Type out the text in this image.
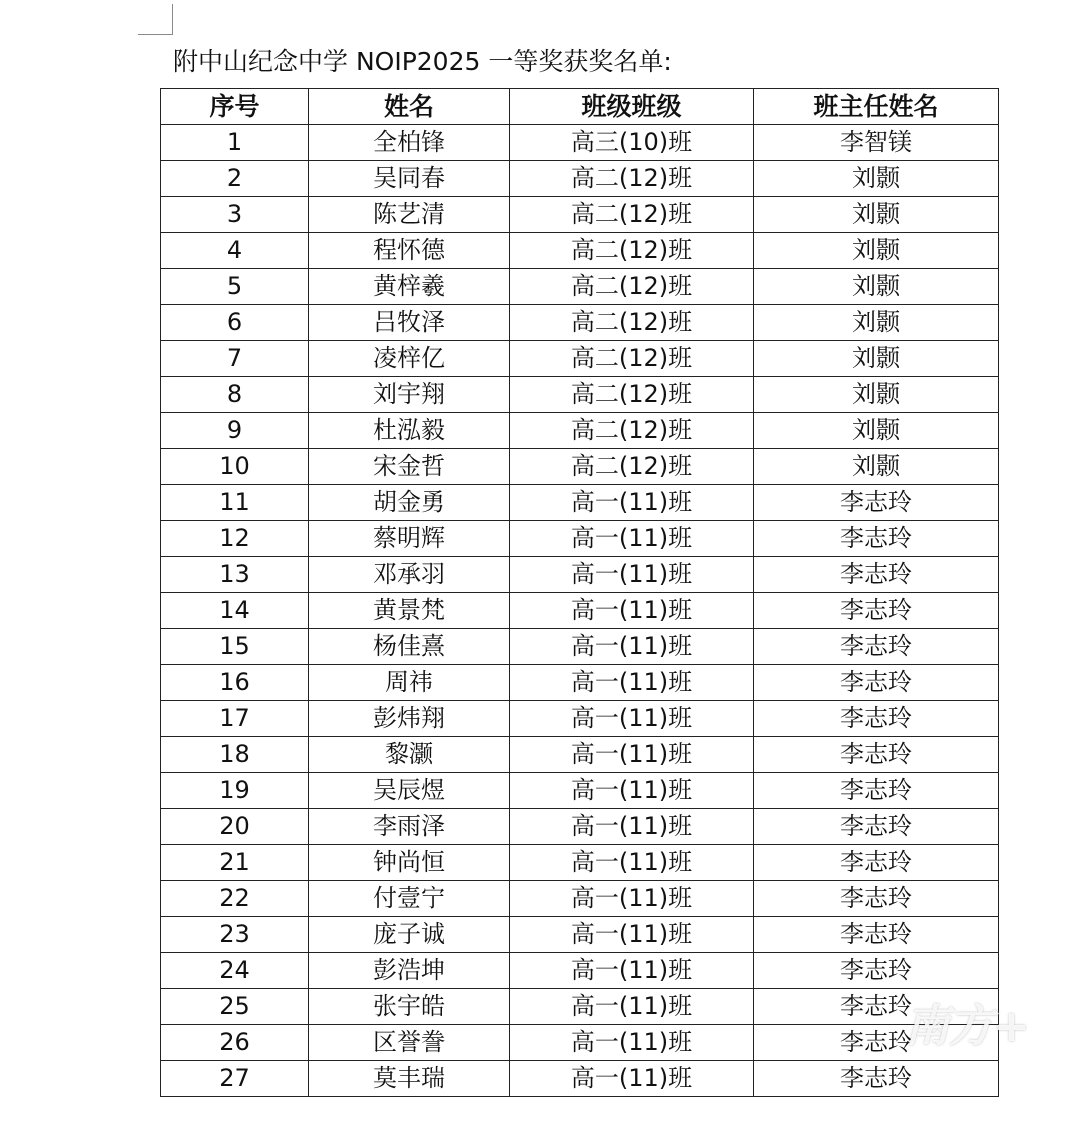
附中山纪念中学 NOIP2025 一等奖获奖名单:
序号	姓名	班级班级	班主任姓名
1	全柏锋	高三(10)班	李智镁
2	吴同春	高二(12)班	刘颢
3	陈艺清	高二(12)班	刘颢
4	程怀德	高二(12)班	刘颢
5	黄梓羲	高二(12)班	刘颢
6	吕牧泽	高二(12)班	刘颢
7	凌梓亿	高二(12)班	刘颢
8	刘宇翔	高二(12)班	刘颢
9	杜泓毅	高二(12)班	刘颢
10	宋金哲	高二(12)班	刘颢
11	胡金勇	高一(11)班	李志玲
12	蔡明辉	高一(11)班	李志玲
13	邓承羽	高一(11)班	李志玲
14	黄景梵	高一(11)班	李志玲
15	杨佳熹	高一(11)班	李志玲
16	周祎	高一(11)班	李志玲
17	彭炜翔	高一(11)班	李志玲
18	黎灏	高一(11)班	李志玲
19	吴辰煜	高一(11)班	李志玲
20	李雨泽	高一(11)班	李志玲
21	钟尚恒	高一(11)班	李志玲
22	付壹宁	高一(11)班	李志玲
23	庞子诚	高一(11)班	李志玲
24	彭浩坤	高一(11)班	李志玲
25	张宇皓	高一(11)班	李志玲
26	区誉誊	高一(11)班	李志玲
27	莫丰瑞	高一(11)班	李志玲
南方+
